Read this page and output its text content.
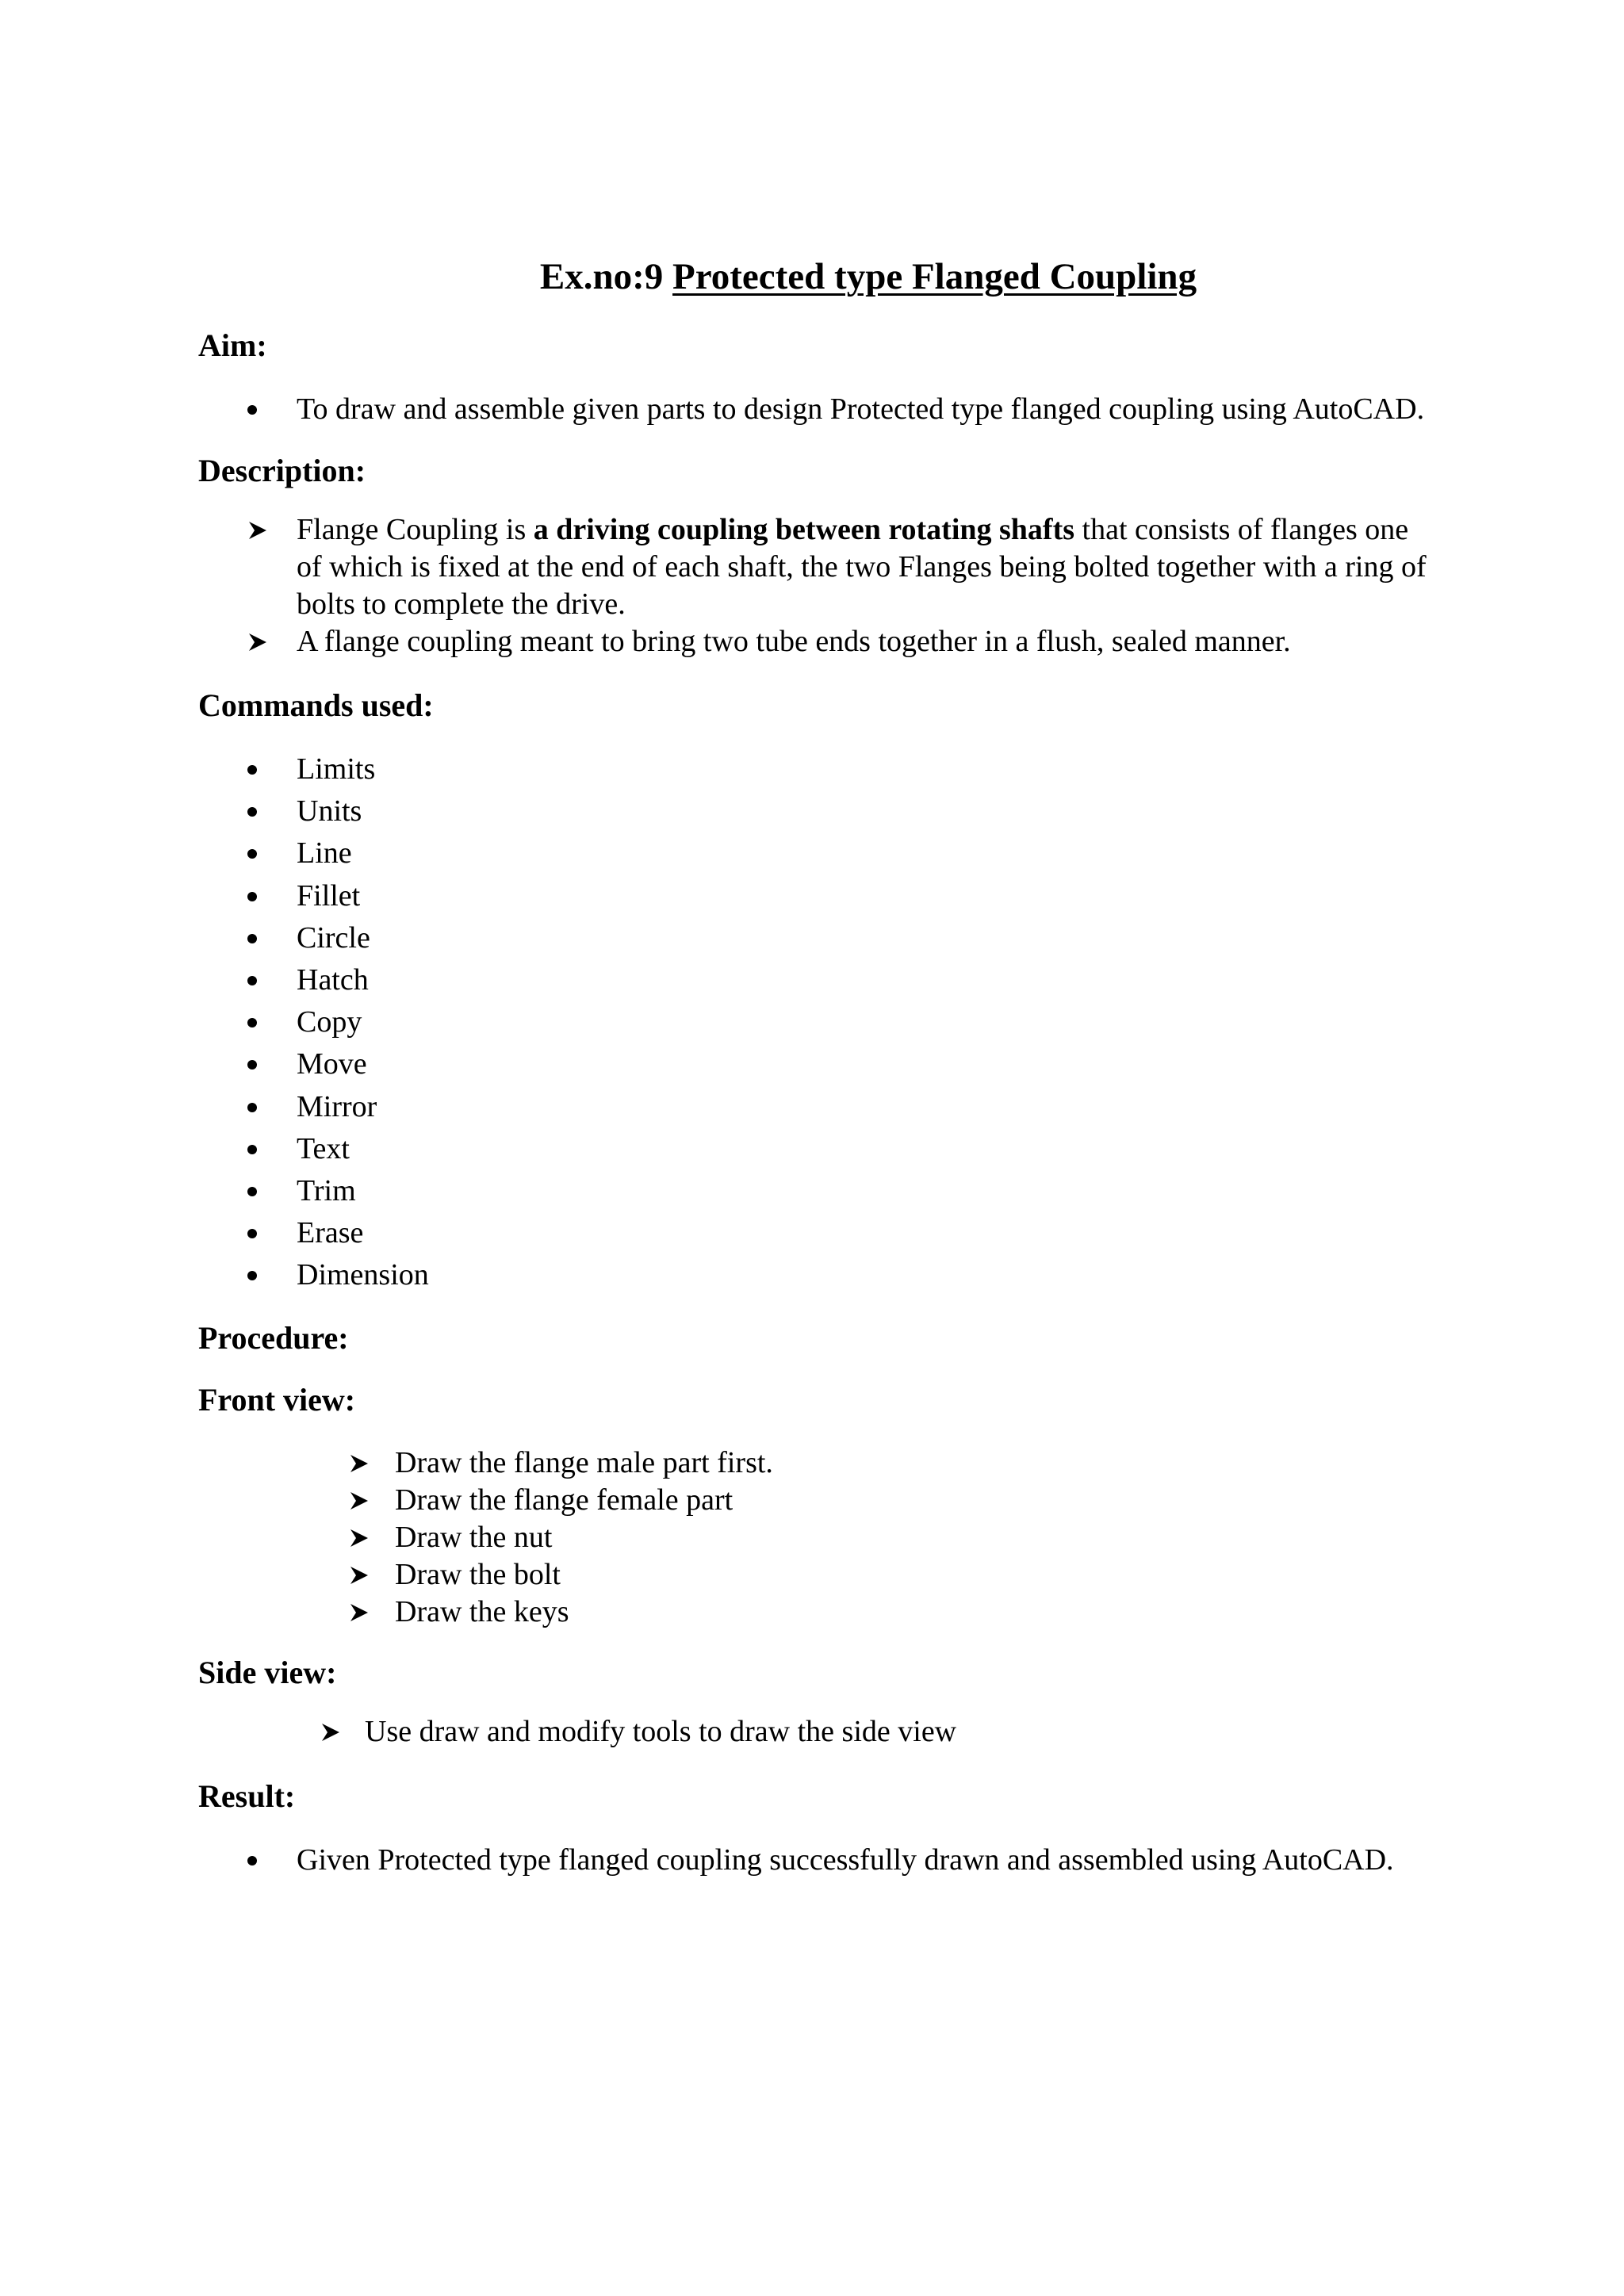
Ex.no:9 Protected type Flanged Coupling
Aim:
To draw and assemble given parts to design Protected type flanged coupling using AutoCAD.
Description:
Flange Coupling is a driving coupling between rotating shafts that consists of flanges one of which is fixed at the end of each shaft, the two Flanges being bolted together with a ring of bolts to complete the drive.
A flange coupling meant to bring two tube ends together in a flush, sealed manner.
Commands used:
Limits
Units
Line
Fillet
Circle
Hatch
Copy
Move
Mirror
Text
Trim
Erase
Dimension
Procedure:
Front view:
Draw the flange male part first.
Draw the flange female part
Draw the nut
Draw the bolt
Draw the keys
Side view:
Use draw and modify tools to draw the side view
Result:
Given Protected type flanged coupling successfully drawn and assembled using AutoCAD.
